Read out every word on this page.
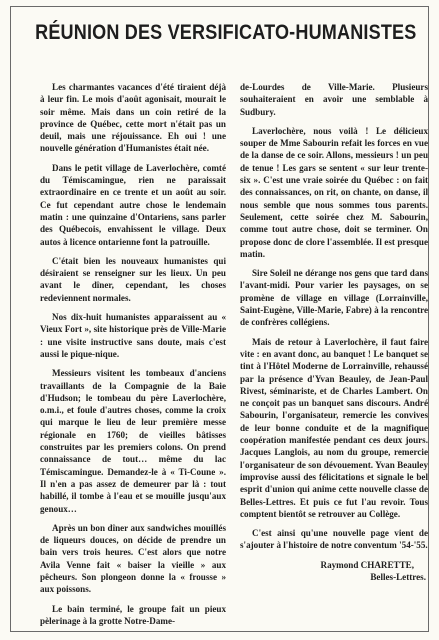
RÉUNION DES VERSIFICATO-HUMANISTES

Les charmantes vacances d'été tiraient déjà à leur fin. Le mois d'août agonisait, mourait le soir même. Mais dans un coin retiré de la province de Québec, cette mort n'était pas un deuil, mais une réjouissance. Eh oui ! une nouvelle génération d'Humanistes était née.

Dans le petit village de Laverlochère, comté du Témiscamingue, rien ne paraissait extraordinaire en ce trente et un août au soir. Ce fut cependant autre chose le lendemain matin : une quinzaine d'Ontariens, sans parler des Québecois, envahissent le village. Deux autos à licence ontarienne font la patrouille.

C'était bien les nouveaux humanistes qui désiraient se renseigner sur les lieux. Un peu avant le dîner, cependant, les choses redeviennent normales.

Nos dix-huit humanistes apparaissent au « Vieux Fort », site historique près de Ville-Marie : une visite instructive sans doute, mais c'est aussi le pique-nique.

Messieurs visitent les tombeaux d'anciens travaillants de la Compagnie de la Baie d'Hudson; le tombeau du père Laverlochère, o.m.i., et foule d'autres choses, comme la croix qui marque le lieu de leur première messe régionale en 1760; de vieilles bâtisses construites par les premiers colons. On prend connaissance de tout… même du lac Témiscamingue. Demandez-le à « Ti-Coune ». Il n'en a pas assez de demeurer par là : tout habillé, il tombe à l'eau et se mouille jusqu'aux genoux…

Après un bon dîner aux sandwiches mouillés de liqueurs douces, on décide de prendre un bain vers trois heures. C'est alors que notre Avila Venne fait « baiser la vieille » aux pêcheurs. Son plongeon donne la « frousse » aux poissons.

Le bain terminé, le groupe fait un pieux pèlerinage à la grotte Notre-Dame-

de-Lourdes de Ville-Marie. Plusieurs souhaiteraient en avoir une semblable à Sudbury.

Laverlochère, nous voilà ! Le délicieux souper de Mme Sabourin refait les forces en vue de la danse de ce soir. Allons, messieurs ! un peu de tenue ! Les gars se sentent « sur leur trente-six ». C'est une vraie soirée du Québec : on fait des connaissances, on rit, on chante, on danse, il nous semble que nous sommes tous parents. Seulement, cette soirée chez M. Sabourin, comme tout autre chose, doit se terminer. On propose donc de clore l'assemblée. Il est presque matin.

Sire Soleil ne dérange nos gens que tard dans l'avant-midi. Pour varier les paysages, on se promène de village en village (Lorrainville, Saint-Eugène, Ville-Marie, Fabre) à la rencontre de confrères collégiens.

Mais de retour à Laverlochère, il faut faire vite : en avant donc, au banquet ! Le banquet se tint à l'Hôtel Moderne de Lorrainville, rehaussé par la présence d'Yvan Beauley, de Jean-Paul Rivest, séminariste, et de Charles Lambert. On ne conçoit pas un banquet sans discours. André Sabourin, l'organisateur, remercie les convives de leur bonne conduite et de la magnifique coopération manifestée pendant ces deux jours. Jacques Langlois, au nom du groupe, remercie l'organisateur de son dévouement. Yvan Beauley improvise aussi des félicitations et signale le bel esprit d'union qui anime cette nouvelle classe de Belles-Lettres. Et puis ce fut l'au revoir. Tous comptent bientôt se retrouver au Collège.

C'est ainsi qu'une nouvelle page vient de s'ajouter à l'histoire de notre conventum '54-'55.

Raymond CHARETTE,

Belles-Lettres.
